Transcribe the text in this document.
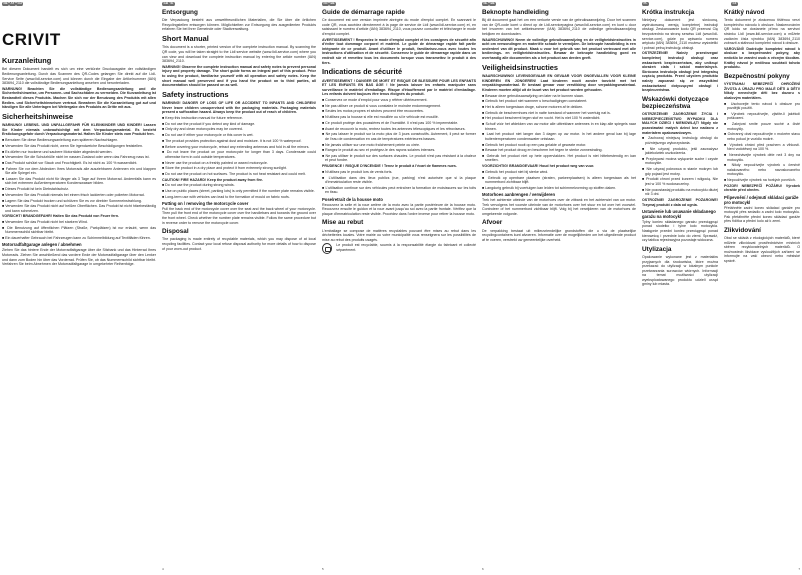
DE AT	CH	GB IE	FR	BE	NL	BE	PL	CZ
CRIVIT
Kurzanleitung

Bei diesem Dokument handelt es sich um eine verkürzte Druckausgabe der vollständigen Bedienungsanleitung. Durch das Scannen des QR-Codes gelangen Sie direkt auf die Lidl-Service Seite (www.lidl-service.com) und können durch die Eingabe der Artikelnummer (IAN) 383694_2110 die vollständige Bedienungsanleitung ansehen und herunterladen.

WARNUNG! Beachten Sie die vollständige Bedienungsanleitung und die Sicherheitshinweise, um Personen- und Sachschäden zu vermeiden. Die Kurzanleitung ist Bestandteil dieses Produkts. Machen Sie sich vor der Benutzung des Produkts mit allen Bedien- und Sicherheitshinweisen vertraut. Bewahren Sie die Kurzanleitung gut auf und händigen Sie alle Unterlagen bei Weitergabe des Produkts an Dritte mit aus.

Sicherheitshinweise

WARNUNG! LEBENS- UND UNFALLGEFAHR FÜR KLEINKINDER UND KINDER! Lassen Sie Kinder niemals unbeaufsichtigt mit dem Verpackungsmaterial. Es besteht Erstickungsgefahr durch Verpackungsmaterial. Halten Sie Kinder stets vom Produkt fern.

■ Benutzen Sie diese Bedienungsanleitung zum späteren Nachschlagen.

■ Verwenden Sie das Produkt nicht, wenn Sie irgendwelche Beschädigungen feststellen.

■ Es dürfen nur trockene und saubere Motorräder abgedeckt werden.

■ Verwenden Sie die Schutzhülle nicht im nassen Zustand oder wenn das Fahrzeug nass ist.

■ Das Produkt schützt vor Staub und Feuchtigkeit. Es ist nicht zu 100 % wasserdicht.

■ Fahren Sie vor dem Abdecken Ihres Motorrads alle ausziehbaren Antennen ein und klappen Sie alle Spiegel ein.

■ Lassen Sie das Produkt nicht für länger als 3 Tage auf Ihrem Motorrad. Andernfalls kann es sich bei extremen Außentemperaturen Kondenswasser bilden.

■ Dieses Produkt ist kein Diebstahlschutz.

■ Verwenden Sie das Produkt niemals bei einem frisch lackierten oder polierten Motorrad.

■ Lagern Sie das Produkt trocken und schützen Sie es vor direkter Sonneneinstrahlung.

■ Verwenden Sie das Produkt nicht auf heißen Oberflächen. Das Produkt ist nicht hitzebeständig und kann schmelzen.

VORSICHT! BRANDGEFAHR! Halten Sie das Produkt von Feuer fern.

■ Verwenden Sie das Produkt nicht bei starkem Wind.

■ Die Benutzung auf öffentlichen Plätzen (Straße, Parkplätzen) ist nur erlaubt, wenn das Nummernschild sichtbar bleibt.

■ Ein dauerhafter Gebrauch bei Fahrzeugen kann zu Schimmelbildung auf Textilfäden führen.

Motorradfaltgarage anlegen / abnehmen

Ziehen Sie das hintere Ende der Motorradfaltgarage über die Sitzbank und das Hinterrad Ihres Motorrads. Ziehen Sie anschließend das vordere Ende der Motorradfaltgarage über den Lenker und dann zum Boden hin über das Vorderrad. Prüfen Sie, ob das Nummernschild sichtbar bleibt. Verfahren Sie beim Abnehmen der Motorradfaltgarage in umgekehrter Reihenfolge.

Entsorgung

Die Verpackung besteht aus umweltfreundlichen Materialien, die Sie über die örtlichen Recyclingstellen entsorgen können. Möglichkeiten zur Entsorgung des ausgedienten Produkts erfahren Sie bei Ihrer Gemeinde oder Stadtverwaltung.

Short Manual

This document is a shorter, printed version of the complete instruction manual. By scanning the QR code, you will be taken straight to the Lidl service website (www.lidl-service.com) where you can view and download the complete instruction manual by entering the article number (IAN) 383694_2110.

WARNING! Observe the complete instruction manual and safety notes to prevent personal injury and property damage. The short guide forms an integral part of this product. Prior to using the product, familiarise yourself with all operation and safety notes. Keep the short manual well preserved and if you hand the product on to third parties, all documentation should be passed on as well.

Safety instructions

WARNING! DANGER OF LOSS OF LIFE OR ACCIDENT TO INFANTS AND CHILDREN! Never leave children unsupervised with the packaging materials. Packaging materials present a suffocation hazard. Always keep the product out of reach of children.

■ Keep this instruction manual for future reference.

■ Do not use the product if you detect any kind of damage.

■ Only dry and clean motorcycles may be covered.

■ Do not use if either your motorcycle or this cover is wet.

■ The product provides protection against dust and moisture. It is not 100 % waterproof.

■ Before covering your motorcycle, retract any extending antennas and fold in all the mirrors.

■ Do not leave the product on your motorcycle for longer than 3 days. Condensate could otherwise form in cold outside temperatures.

■ Never use the product on a freshly painted or waxed motorcycle.

■ Store the product in a dry place and protect it from extremely strong sunlight.

■ Do not use the product on hot surfaces. The product is not heat resistant and could melt.

CAUTION! FIRE HAZARD! Keep the product away from fire.

■ Do not use the product during strong winds.

■ Use on public places (street, parking lots) is only permitted if the number plate remains visible.

■ Long-term use with vehicles can lead to the formation of mould on fabric roofs.

Putting on / removing the motorcycle cover

Pull the back end of the motorcycle cover over the seat and the back wheel of your motorcycle. Then pull the front end of the motorcycle cover over the handlebars and towards the ground over the front wheel. Check whether the number plate remains visible. Follow the same procedure but in reverse order to remove the motorcycle cover.

Disposal

The packaging is made entirely of recyclable materials, which you may dispose of at local recycling facilities. Contact your local refuse disposal authority for more details of how to dispose of your worn-out product.

4
Guide de démarrage rapide

Ce document est une version imprimée abrégée du mode d'emploi complet. En scannant le code QR, vous accédez directement à la page de service de Lidl (www.lidl-service.com) et, en saisissant le numéro d'article (IAN) 383694_2110, vous pouvez consulter et télécharger le mode d'emploi complet.

AVERTISSEMENT ! Respectez le mode d'emploi complet et les consignes de sécurité afin d'éviter tout dommage corporel et matériel. Le guide de démarrage rapide fait partie intégrante de ce produit. Avant d'utiliser le produit, familiarisez-vous avec toutes les instructions d'utilisation et de sécurité. Conservez le guide de démarrage rapide dans un endroit sûr et remettez tous les documents lorsque vous transmettez le produit à des tiers.

Indications de sécurité

AVERTISSEMENT ! DANGER DE MORT ET RISQUE DE BLESSURE POUR LES ENFANTS ET LES ENFANTS EN BAS ÂGE ! Ne jamais laisser les enfants manipuler sans surveillance le matériel d'emballage. Risque d'étouffement par le matériel d'emballage. Les enfants doivent toujours être tenus éloignés du produit.

■ Conservez ce mode d'emploi pour vous y référer ultérieurement.

■ Ne pas utiliser ce produit si vous constatez le moindre endommagement.

■ Seules les motos propres et sèches peuvent être recouvertes.

■ N'utilisez pas la housse si elle est mouillée ou si le véhicule est mouillé.

■ Ce produit protège des poussières et de l'humidité. Il n'est pas 100 % imperméable.

■ Avant de recouvrir la moto, rentrez toutes les antennes télescopiques et les rétroviseurs.

■ Ne pas laisser le produit sur la moto plus de 3 jours consécutifs. Autrement, il peut se former de l'eau de condensation en cas de températures extérieures basses.

■ Ne jamais utiliser sur une moto fraîchement peinte ou cirée.

■ Rangez le produit au sec et protégez-le des rayons solaires intenses.

■ Ne pas utiliser le produit sur des surfaces chaudes. Le produit n'est pas résistant à la chaleur et peut fondre.

PRUDENCE ! RISQUE D'INCENDIE ! Tenez le produit à l'écart de flammes nues.

■ N'utilisez pas le produit lors de vents forts.

■ L'utilisation dans des lieux publics (rue, parking) n'est autorisée que si la plaque d'immatriculation reste visible.

■ L'utilisation continue sur des véhicules peut entraîner la formation de moisissures sur les toits en tissu.

Pose/retrait de la housse moto

Recouvrez la selle et la roue arrière de la moto avec la partie postérieure de la housse moto. Recouvrez ensuite le guidon et la roue avant jusqu'au sol avec la partie frontale. Vérifiez que la plaque d'immatriculation reste visible. Procédez dans l'ordre inverse pour retirer la housse moto.

Mise au rebut

L'emballage se compose de matières recyclables pouvant être mises au rebut dans les déchetteries locales. Votre mairie ou votre municipalité vous renseignera sur les possibilités de mise au rebut des produits usagés.

Le produit est recyclable, soumis à la responsabilité élargie du fabricant et collecté séparément.

5
Beknopte handleiding

Bij dit document gaat het om een verkorte versie van de gebruiksaanwijzing. Door het scannen van de QR-code komt u direct op de Lidl-servicepagina (www.lidl-service.com) en kunt u door het invoeren van het artikelnummer (IAN) 383694_2110 de volledige gebruiksaanwijzing bekijken en downloaden.

WAARSCHUWING! Neem de volledige gebruiksaanwijzing en de veiligheidsinstructies in acht om verwondingen en materiële schade te vermijden. De beknopte handleiding is een onderdeel van dit product. Maak u voor het gebruik van het product vertrouwd met alle bedienings- en veiligheidsinstructies. Bewaar de beknopte handleiding goed en overhandig alle documenten als u het product aan derden geeft.

Veiligheidsinstructies

WAARSCHUWING! LEVENSGEVAAR EN GEVAAR VOOR ONGEVALLEN VOOR KLEINE KINDEREN EN JONGEREN! Laat kinderen nooit zonder toezicht met het verpakkingsmateriaal. Er bestaat gevaar voor verstikking door verpakkingsmateriaal. Kinderen moeten altijd uit de buurt van het product worden gehouden.

■ Bewaar deze gebruiksaanwijzing om later na te kunnen slaan.

■ Gebruik het product niet wanneer u beschadigingen constateert.

■ Het is alleen toegestaan droge, schone motoren af te dekken.

■ Gebruik de beschermhoes niet in natte toestand of wanneer het voertuig nat is.

■ Het product beschermt tegen stof en vocht. Het is niet 100 % waterdicht.

■ Schuif vóór het afdekken van uw motor alle uittrekbare antennes in en klap alle spiegels naar binnen.

■ Laat het product niet langer dan 3 dagen op uw motor. In het andere geval kan bij lage buitentemperaturen condenswater ontstaan.

■ Gebruik het product nooit op een pas gelakte of gewaxte motor.

■ Bewaar het product droog en bescherm het tegen te sterke zonnestraling.

■ Gebruik het product niet op hete oppervlakken. Het product is niet hittebestendig en kan smelten.

VOORZICHTIG! BRANDGEVAAR! Houd het product weg van vuur.

■ Gebruik het product niet bij sterke wind.

■ Gebruik op openbare plaatsen (straten, parkeerplaatsen) is alleen toegestaan als het nummerbord zichtbaar blijft.

■ Langdurig gebruik bij voertuigen kan leiden tot schimmelvorming op stoffen daken.

Motorhoes aanbrengen / verwijderen

Trek het achterste uiteinde van de motorhoes over de zitbank en het achterwiel van uw motor. Trek vervolgens het voorste uiteinde van de motorhoes over het stuur en tot over het voorwiel. Controleer of het nummerbord zichtbaar blijft. Volg bij het verwijderen van de motorhoes de omgekeerde volgorde.

Afvoer

De verpakking bestaat uit milieuvriendelijke grondstoffen die u via de plaatselijke recyclingcontainers kunt afvoeren. Informatie over de mogelijkheden om het uitgediende product af te voeren, verstrekt uw gemeentelijke overheid.

6
Krótka instrukcja

Niniejszy dokument jest skróconą, wydrukowaną wersją kompletnej instrukcji obsługi. Zeskanowanie kodu QR przenosi Cię bezpośrednio na stronę serwisu Lidl (www.lidl-service.com), gdzie po wpisaniu numeru artykułu (IAN) 383694_2110 możesz wyświetlić i pobrać pełną instrukcję obsługi.

OSTRZEŻENIE! Należy przestrzegać kompletnej instrukcji obsługi oraz wskazówek bezpieczeństwa, aby uniknąć obrażeń ciała i szkód materialnych. Skrócona instrukcja obsługi jest integralną częścią produktu. Przed użyciem produktu należy zapoznać się ze wszystkimi wskazówkami dotyczącymi obsługi i bezpieczeństwa.

Wskazówki dotyczące bezpieczeństwa

OSTRZEŻENIE! ZAGROŻENIE ŻYCIA I NIEBEZPIECZEŃSTWO WYPADKU DLA MAŁYCH DZIECI I NIEMOWLĄT! Nigdy nie pozostawiać małych dzieci bez nadzoru z materiałem opakowaniowym.

■ Zachowaj niniejszą instrukcję obsługi do późniejszego wykorzystania.

■ Nie używaj produktu, jeśli zauważysz jakiekolwiek uszkodzenia.

■ Przykrywać można wyłącznie suche i czyste motocykle.

■ Nie używaj pokrowca w stanie mokrym lub gdy pojazd jest mokry.

■ Produkt chroni przed kurzem i wilgocią. Nie jest w 100 % wodoszczelny.

■ Nie pozostawiaj produktu na motocyklu dłużej niż 3 dni.

OSTROŻNIE! ZAGROŻENIE POŻAROWE! Trzymaj produkt z dala od ognia.

Ustawienie lub usuwanie składanego garażu na motocykl

Tylny koniec składanego garażu przeciągnąć ponad siodełko i tylne koło motocykla. Następnie przedni koniec przeciągnąć ponad kierownicę i przednie koło do ziemi. Sprawdź, czy tablica rejestracyjna pozostaje widoczna.

Utylizacja

Opakowanie wykonane jest z materiałów przyjaznych dla środowiska, które można przekazać do utylizacji w lokalnym punkcie przetwarzania surowców wtórnych. Informacji na temat możliwości utylizacji wyeksploatowanego produktu udzieli urząd gminy lub miasta.

Krátký návod

Tento dokument je zkrácenou tištěnou verzí kompletního návodu k obsluze. Naskenováním QR kódu se dostanete přímo na servisní stránku Lidl (www.lidl-service.com) a můžete zadáním čísla výrobku (IAN) 383694_2110 zobrazit a stáhnout kompletní návod k obsluze.

VAROVÁNÍ! Dodržujte kompletní návod k obsluze a bezpečnostní pokyny, aby nedošlo ke zranění osob a věcným škodám. Krátký návod je nedílnou součástí tohoto produktu.

Bezpečnostní pokyny

VÝSTRAHA! NEBEZPEČÍ OHROŽENÍ ŽIVOTA A ÚRAZU PRO MALÉ DĚTI A DĚTI! Nikdy nenechejte děti bez dozoru s obalovým materiálem.

■ Uschovejte tento návod k obsluze pro pozdější použití.

■ Výrobek nepoužívejte, zjistíte-li jakékoli poškození.

■ Zakrývat smíte pouze suché a čisté motocykly.

■ Ochranný obal nepoužívejte v mokrém stavu nebo pokud je vozidlo mokré.

■ Výrobek chrání před prachem a vlhkostí. Není vodotěsný na 100 %.

■ Nenechávejte výrobek déle než 3 dny na motocyklu.

■ Nikdy nepoužívejte výrobek u čerstvě nalakovaného nebo navoskovaného motocyklu.

■ Nepoužívejte výrobek na horkých površích.

POZOR! NEBEZPEČÍ POŽÁRU! Výrobek chraňte před ohněm.

Připevnění / odejmutí skládací garáže pro motocykl

Přetáhněte zadní konec skládací garáže pro motocykl přes sedadlo a zadní kolo motocyklu. Pak přetáhněte přední konec skládací garáže přes řídítka a přední kolo až k zemi.

Zlikvidování

Obal se skládá z ekologických materiálů, které můžete zlikvidovat prostřednictvím místních sběren recyklovatelných materiálů. O možnostech likvidace vysloužilých zařízení se informujte na vaší obecní nebo městské správě.

7
